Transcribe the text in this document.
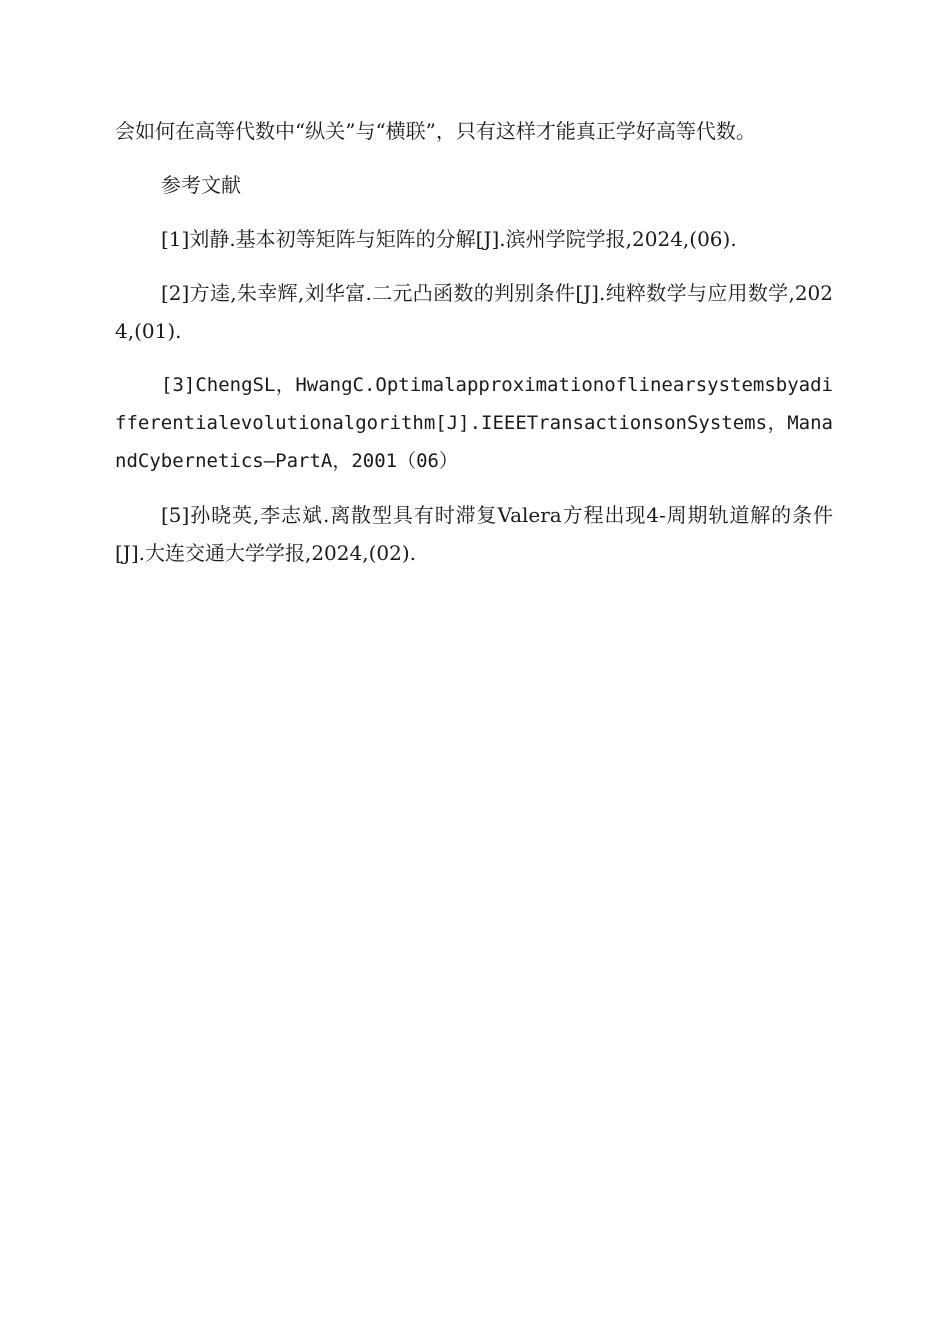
会如何在高等代数中“纵关”与“横联”，只有这样才能真正学好高等代数。

参考文献

[1]刘静.基本初等矩阵与矩阵的分解[J].滨州学院学报,2024,(06).

[2]方逵,朱幸辉,刘华富.二元凸函数的判别条件[J].纯粹数学与应用数学,2024,(01).

[3]ChengSL，HwangC.Optimalapproximationoflinearsystemsbyadifferentialevolutionalgorithm[J].IEEETransactionsonSystems，ManandCybernetics—PartA，2001（06）

[5]孙晓英,李志斌.离散型具有时滞复Valera方程出现4-周期轨道解的条件[J].大连交通大学学报,2024,(02).
